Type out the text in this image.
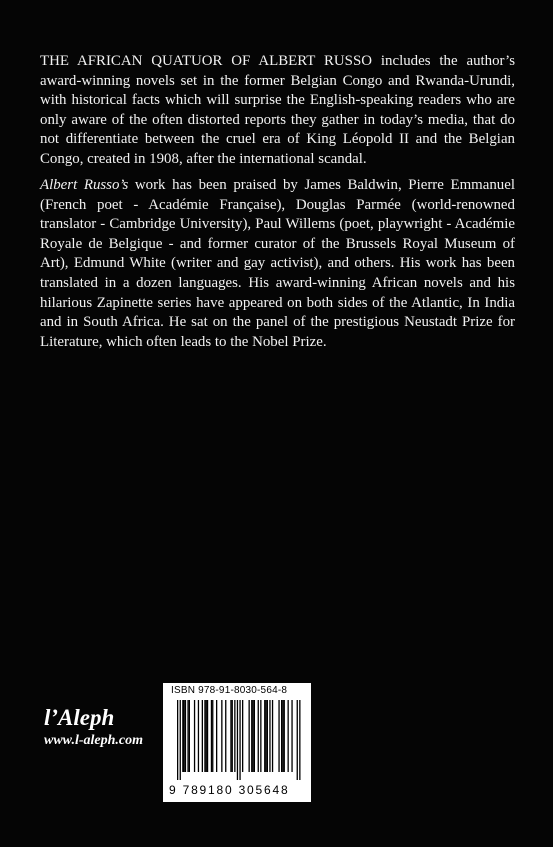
THE AFRICAN QUATUOR OF ALBERT RUSSO includes the author’s award-winning novels set in the former Belgian Congo and Rwanda-Urundi, with historical facts which will surprise the English-speaking readers who are only aware of the often distorted reports they gather in today’s media, that do not differentiate between the cruel era of King Léopold II and the Belgian Congo, created in 1908, after the international scandal.

Albert Russo’s work has been praised by James Baldwin, Pierre Emmanuel (French poet - Académie Française), Douglas Parmée (world-renowned translator - Cambridge University), Paul Willems (poet, playwright - Académie Royale de Belgique - and former curator of the Brussels Royal Museum of Art), Edmund White (writer and gay activist), and others. His work has been translated in a dozen languages. His award-winning African novels and his hilarious Zapinette series have appeared on both sides of the Atlantic, In India and in South Africa. He sat on the panel of the prestigious Neustadt Prize for Literature, which often leads to the Nobel Prize.

l’Aleph
www.l-aleph.com
ISBN 978-91-8030-564-8
9 789180 305648
